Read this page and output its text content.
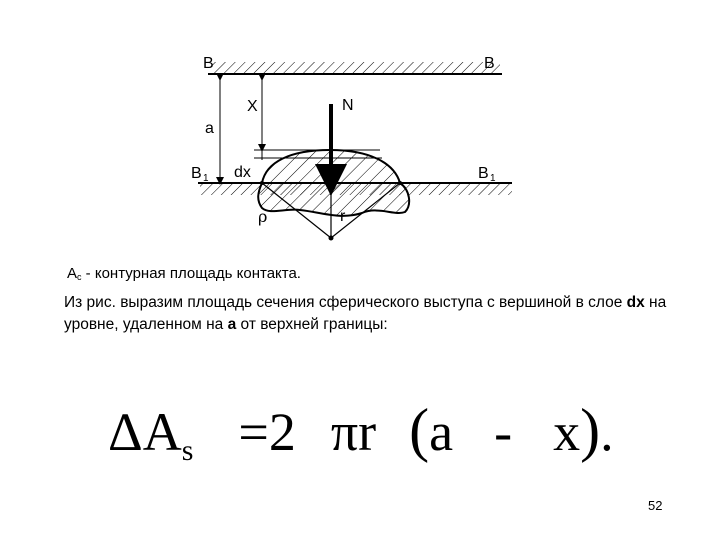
B	B
X	N
a
B 1 dx	B 1
ρ	r
$A_c$ - контурная площадь контакта.
Из рис. выразим площадь сечения сферического выступа с вершиной в слое dx на уровне, удаленном на a от верхней границы:
ΔAs =2 πr (a - x).
52
